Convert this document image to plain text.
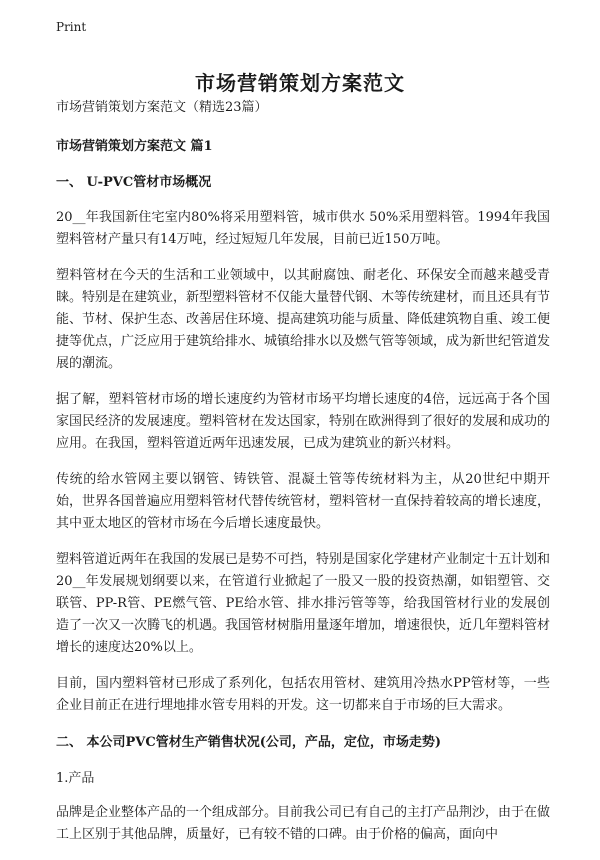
Print
市场营销策划方案范文

市场营销策划方案范文（精选23篇）

市场营销策划方案范文 篇1

一、 U-PVC管材市场概况

20__年我国新住宅室内80%将采用塑料管，城市供水 50%采用塑料管。1994年我国塑料管材产量只有14万吨，经过短短几年发展，目前已近150万吨。

塑料管材在今天的生活和工业领域中，以其耐腐蚀、耐老化、环保安全而越来越受青睐。特别是在建筑业，新型塑料管材不仅能大量替代钢、木等传统建材，而且还具有节能、节材、保护生态、改善居住环境、提高建筑功能与质量、降低建筑物自重、竣工便捷等优点，广泛应用于建筑给排水、城镇给排水以及燃气管等领域，成为新世纪管道发展的潮流。

据了解，塑料管材市场的增长速度约为管材市场平均增长速度的4倍，远远高于各个国家国民经济的发展速度。塑料管材在发达国家，特别在欧洲得到了很好的发展和成功的应用。在我国，塑料管道近两年迅速发展，已成为建筑业的新兴材料。

传统的给水管网主要以钢管、铸铁管、混凝土管等传统材料为主，从20世纪中期开始，世界各国普遍应用塑料管材代替传统管材，塑料管材一直保持着较高的增长速度，其中亚太地区的管材市场在今后增长速度最快。

塑料管道近两年在我国的发展已是势不可挡，特别是国家化学建材产业制定十五计划和20__年发展规划纲要以来，在管道行业掀起了一股又一股的投资热潮，如铝塑管、交联管、PP-R管、PE燃气管、PE给水管、排水排污管等等，给我国管材行业的发展创造了一次又一次腾飞的机遇。我国管材树脂用量逐年增加，增速很快，近几年塑料管材增长的速度达20%以上。

目前，国内塑料管材已形成了系列化，包括农用管材、建筑用冷热水PP管材等，一些企业目前正在进行埋地排水管专用料的开发。这一切都来自于市场的巨大需求。

二、 本公司PVC管材生产销售状况(公司，产品，定位，市场走势)

1.产品

品牌是企业整体产品的一个组成部分。目前我公司已有自己的主打产品荆沙，由于在做工上区别于其他品牌，质量好，已有较不错的口碑。由于价格的偏高，面向中
